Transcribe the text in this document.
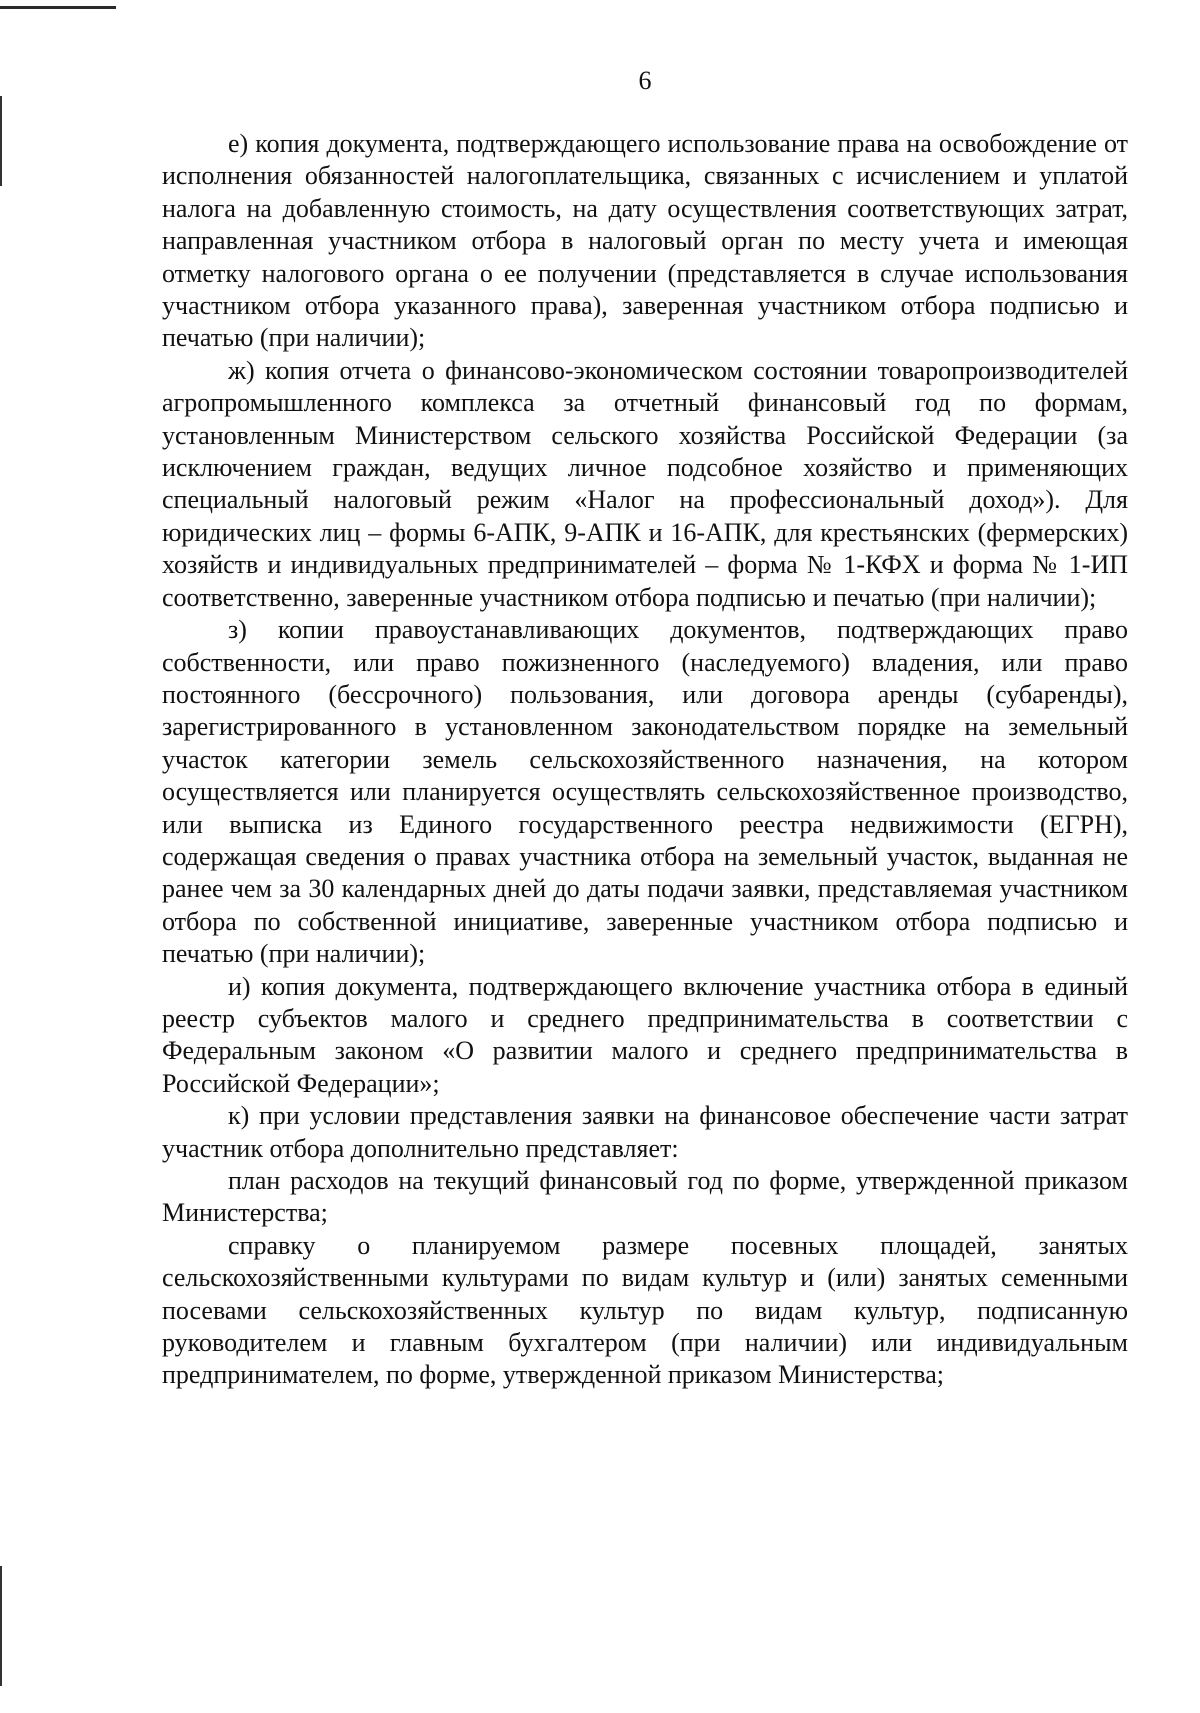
6

е) копия документа, подтверждающего использование права на освобождение от исполнения обязанностей налогоплательщика, связанных с исчислением и уплатой налога на добавленную стоимость, на дату осуществления соответствующих затрат, направленная участником отбора в налоговый орган по месту учета и имеющая отметку налогового органа о ее получении (представляется в случае использования участником отбора указанного права), заверенная участником отбора подписью и печатью (при наличии);

ж) копия отчета о финансово-экономическом состоянии товаропроизводителей агропромышленного комплекса за отчетный финансовый год по формам, установленным Министерством сельского хозяйства Российской Федерации (за исключением граждан, ведущих личное подсобное хозяйство и применяющих специальный налоговый режим «Налог на профессиональный доход»). Для юридических лиц – формы 6-АПК, 9-АПК и 16-АПК, для крестьянских (фермерских) хозяйств и индивидуальных предпринимателей – форма № 1-КФХ и форма № 1-ИП соответственно, заверенные участником отбора подписью и печатью (при наличии);

з) копии правоустанавливающих документов, подтверждающих право собственности, или право пожизненного (наследуемого) владения, или право постоянного (бессрочного) пользования, или договора аренды (субаренды), зарегистрированного в установленном законодательством порядке на земельный участок категории земель сельскохозяйственного назначения, на котором осуществляется или планируется осуществлять сельскохозяйственное производство, или выписка из Единого государственного реестра недвижимости (ЕГРН), содержащая сведения о правах участника отбора на земельный участок, выданная не ранее чем за 30 календарных дней до даты подачи заявки, представляемая участником отбора по собственной инициативе, заверенные участником отбора подписью и печатью (при наличии);

и) копия документа, подтверждающего включение участника отбора в единый реестр субъектов малого и среднего предпринимательства в соответствии с Федеральным законом «О развитии малого и среднего предпринимательства в Российской Федерации»;

к) при условии представления заявки на финансовое обеспечение части затрат участник отбора дополнительно представляет:

план расходов на текущий финансовый год по форме, утвержденной приказом Министерства;

справку о планируемом размере посевных площадей, занятых сельскохозяйственными культурами по видам культур и (или) занятых семенными посевами сельскохозяйственных культур по видам культур, подписанную руководителем и главным бухгалтером (при наличии) или индивидуальным предпринимателем, по форме, утвержденной приказом Министерства;
